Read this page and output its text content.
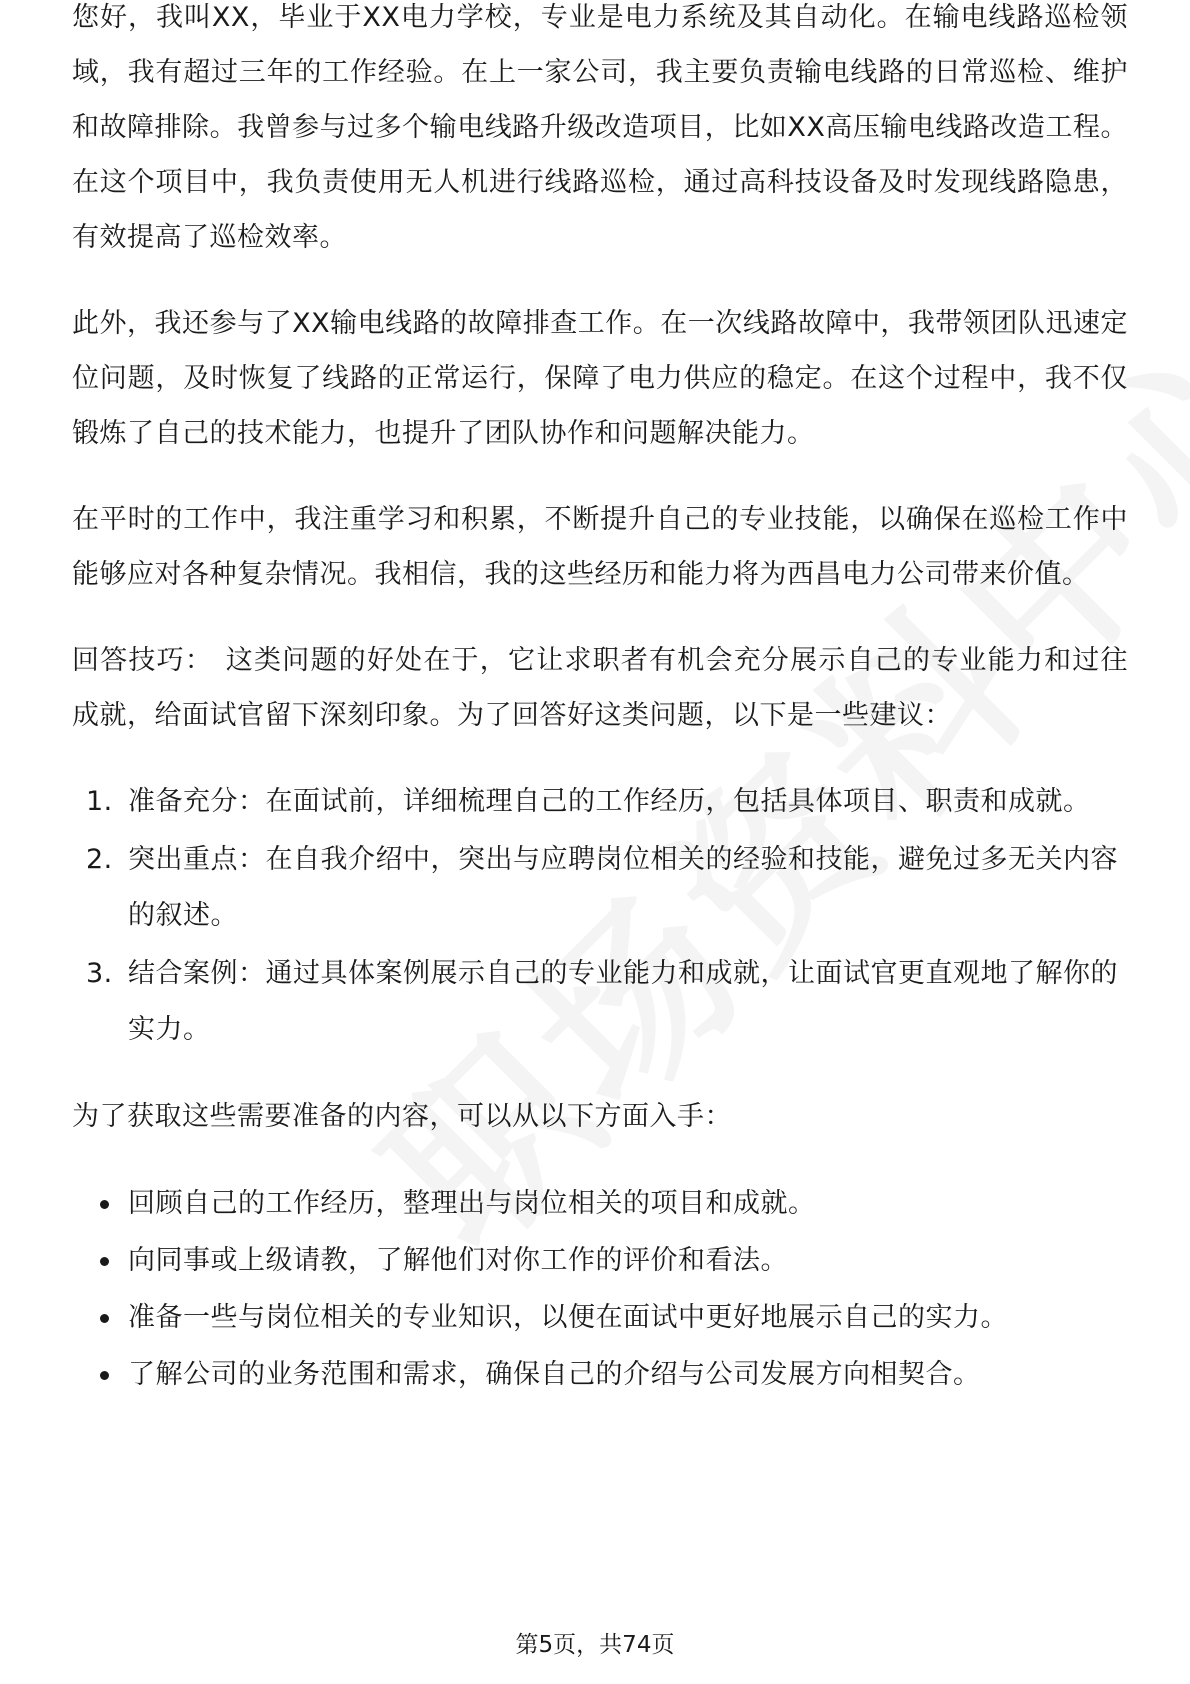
您好，我叫XX，毕业于XX电力学校，专业是电力系统及其自动化。在输电线路巡检领域，我有超过三年的工作经验。在上一家公司，我主要负责输电线路的日常巡检、维护和故障排除。我曾参与过多个输电线路升级改造项目，比如XX高压输电线路改造工程。在这个项目中，我负责使用无人机进行线路巡检，通过高科技设备及时发现线路隐患，有效提高了巡检效率。

此外，我还参与了XX输电线路的故障排查工作。在一次线路故障中，我带领团队迅速定位问题，及时恢复了线路的正常运行，保障了电力供应的稳定。在这个过程中，我不仅锻炼了自己的技术能力，也提升了团队协作和问题解决能力。

在平时的工作中，我注重学习和积累，不断提升自己的专业技能，以确保在巡检工作中能够应对各种复杂情况。我相信，我的这些经历和能力将为西昌电力公司带来价值。

回答技巧： 这类问题的好处在于，它让求职者有机会充分展示自己的专业能力和过往成就，给面试官留下深刻印象。为了回答好这类问题，以下是一些建议：

1. 准备充分：在面试前，详细梳理自己的工作经历，包括具体项目、职责和成就。
2. 突出重点：在自我介绍中，突出与应聘岗位相关的经验和技能，避免过多无关内容的叙述。
3. 结合案例：通过具体案例展示自己的专业能力和成就，让面试官更直观地了解你的实力。

为了获取这些需要准备的内容，可以从以下方面入手：

回顾自己的工作经历，整理出与岗位相关的项目和成就。
向同事或上级请教，了解他们对你工作的评价和看法。
准备一些与岗位相关的专业知识，以便在面试中更好地展示自己的实力。
了解公司的业务范围和需求，确保自己的介绍与公司发展方向相契合。
第5页，共74页
